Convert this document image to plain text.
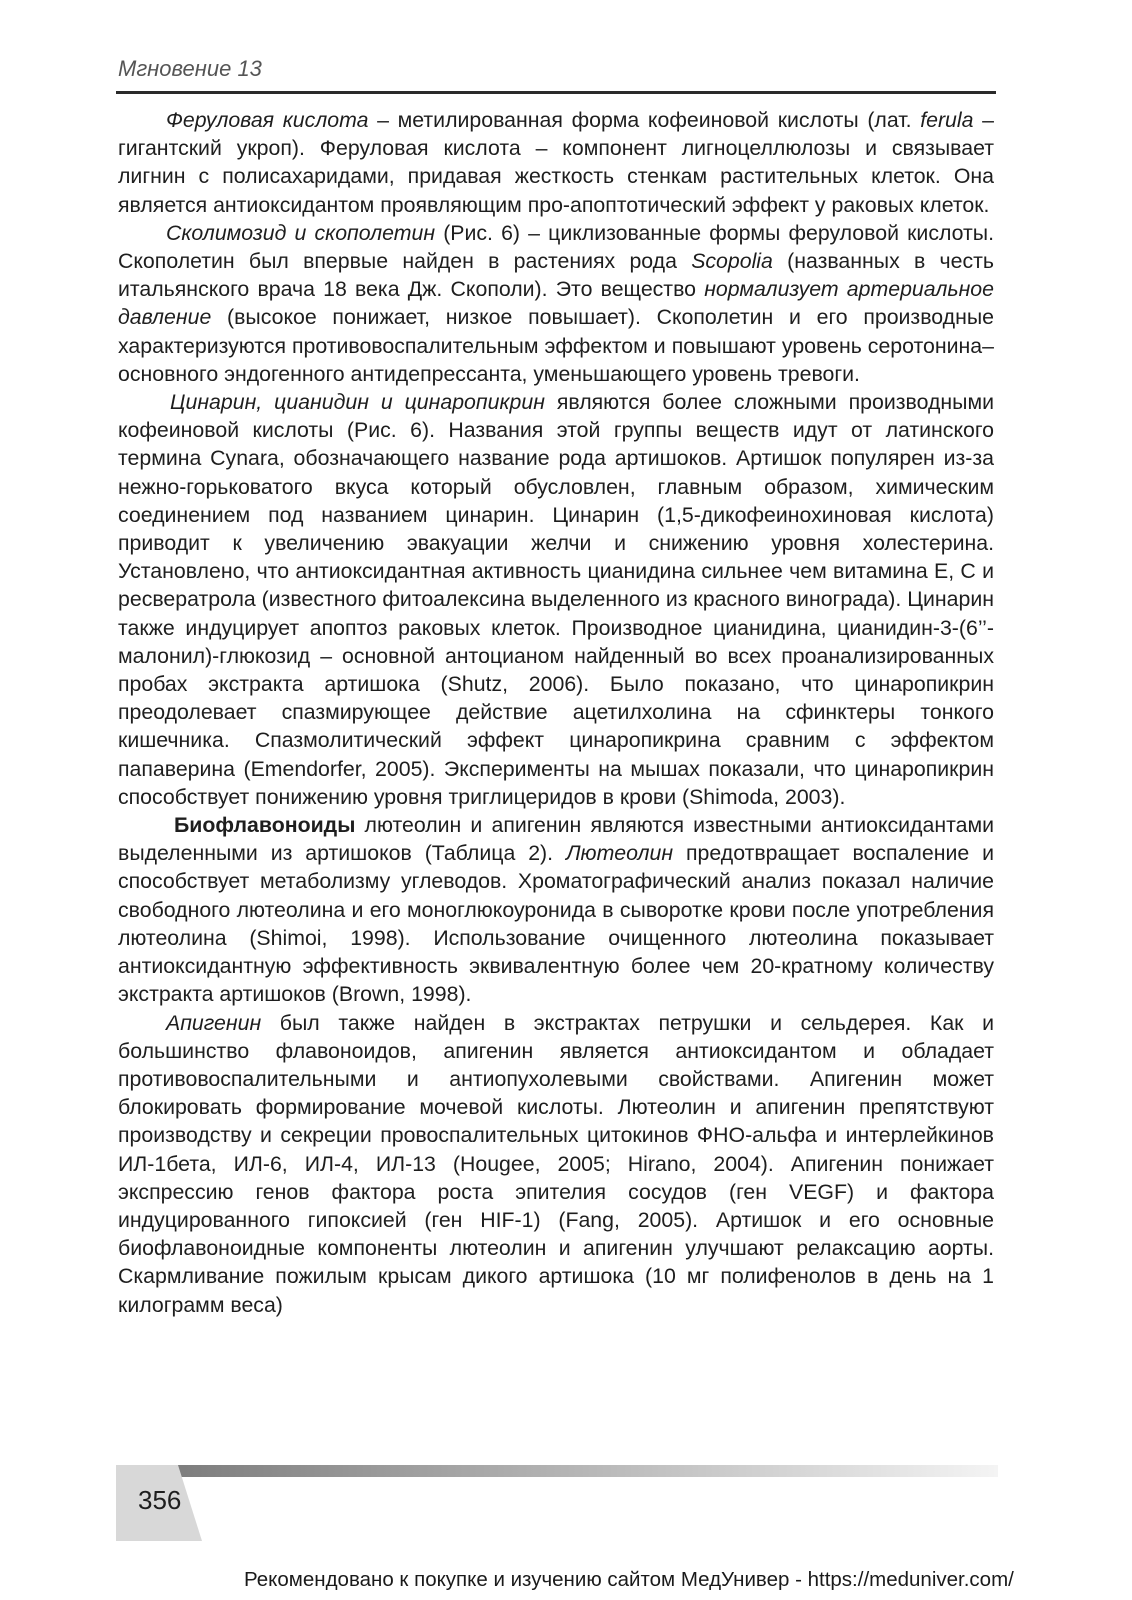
Мгновение 13

Феруловая кислота – метилированная форма кофеиновой кислоты (лат. ferula – гигантский укроп). Феруловая кислота – компонент лигноцеллюлозы и связывает лигнин с полисахаридами, придавая жесткость стенкам растительных клеток. Она является антиоксидантом проявляющим про-апоптотический эффект у раковых клеток.

Сколимозид и скополетин (Рис. 6) – циклизованные формы феруловой кислоты. Скополетин был впервые найден в растениях рода Scopolia (названных в честь итальянского врача 18 века Дж. Скополи). Это вещество нормализует артериальное давление (высокое понижает, низкое повышает). Скополетин и его производные характеризуются противовоспалительным эффектом и повышают уровень серотонина– основного эндогенного антидепрессанта, уменьшающего уровень тревоги.

Цинарин, цианидин и цинаропикрин являются более сложными производными кофеиновой кислоты (Рис. 6). Названия этой группы веществ идут от латинского термина Cynara, обозначающего название рода артишоков. Артишок популярен из-за нежно-горьковатого вкуса который обусловлен, главным образом, химическим соединением под названием цинарин. Цинарин (1,5-дикофеинохиновая кислота) приводит к увеличению эвакуации желчи и снижению уровня холестерина. Установлено, что антиоксидантная активность цианидина сильнее чем витамина Е, С и ресвератрола (известного фитоалексина выделенного из красного винограда). Цинарин также индуцирует апоптоз раковых клеток. Производное цианидина, цианидин-3-(6’’-малонил)-глюкозид – основной антоцианом найденный во всех проанализированных пробах экстракта артишока (Shutz, 2006). Было показано, что цинаропикрин преодолевает спазмирующее действие ацетилхолина на сфинктеры тонкого кишечника. Спазмолитический эффект цинаропикрина сравним с эффектом папаверина (Emendorfer, 2005). Эксперименты на мышах показали, что цинаропикрин способствует понижению уровня триглицеридов в крови (Shimoda, 2003).

Биофлавоноиды лютеолин и апигенин являются известными антиоксидантами выделенными из артишоков (Таблица 2). Лютеолин предотвращает воспаление и способствует метаболизму углеводов. Хроматографический анализ показал наличие свободного лютеолина и его моноглюкоуронида в сыворотке крови после употребления лютеолина (Shimoi, 1998). Использование очищенного лютеолина показывает антиоксидантную эффективность эквивалентную более чем 20-кратному количеству экстракта артишоков (Brown, 1998).

Апигенин был также найден в экстрактах петрушки и сельдерея. Как и большинство флавоноидов, апигенин является антиоксидантом и обладает противовоспалительными и антиопухолевыми свойствами. Апигенин может блокировать формирование мочевой кислоты. Лютеолин и апигенин препятствуют производству и секреции провоспалительных цитокинов ФНО-альфа и интерлейкинов ИЛ-1бета, ИЛ-6, ИЛ-4, ИЛ-13 (Hougee, 2005; Hirano, 2004). Апигенин понижает экспрессию генов фактора роста эпителия сосудов (ген VEGF) и фактора индуцированного гипоксией (ген HIF-1) (Fang, 2005). Артишок и его основные биофлавоноидные компоненты лютеолин и апигенин улучшают релаксацию аорты. Скармливание пожилым крысам дикого артишока (10 мг полифенолов в день на 1 килограмм веса)

356
Рекомендовано к покупке и изучению сайтом МедУнивер - https://meduniver.com/
